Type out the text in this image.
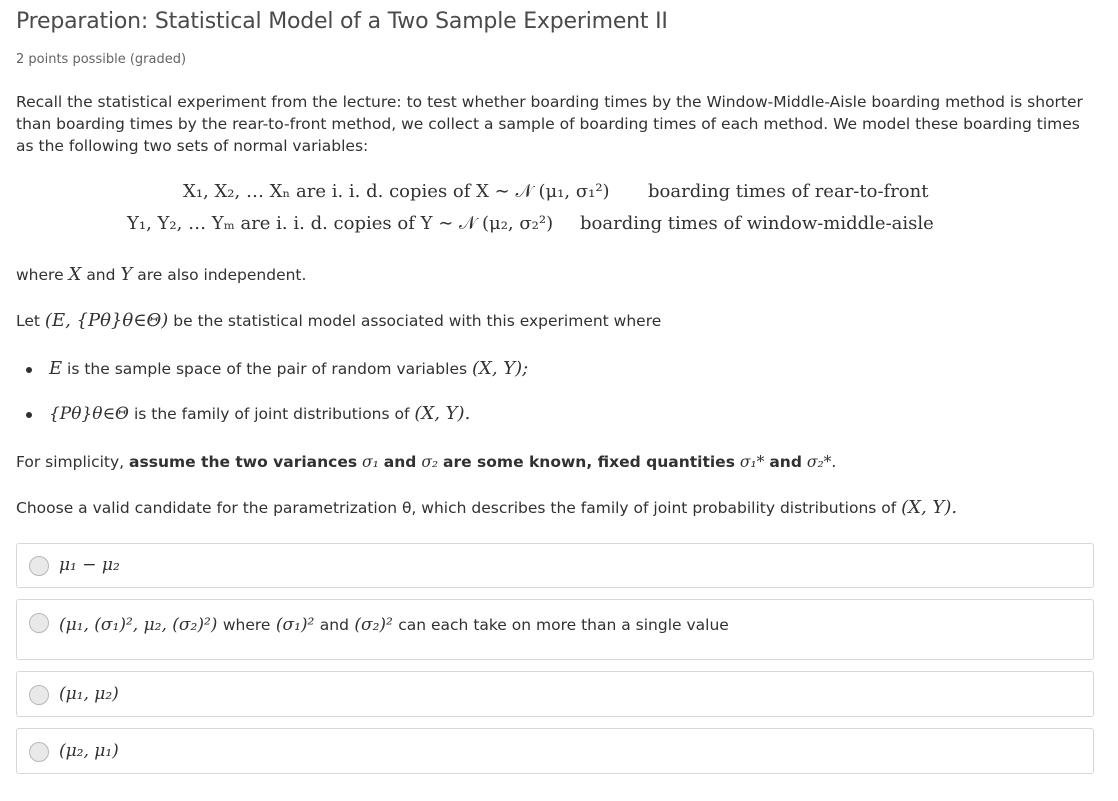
Preparation: Statistical Model of a Two Sample Experiment II
2 points possible (graded)
Recall the statistical experiment from the lecture: to test whether boarding times by the Window-Middle-Aisle boarding method is shorter than boarding times by the rear-to-front method, we collect a sample of boarding times of each method. We model these boarding times as the following two sets of normal variables:
X₁, X₂, … Xₙ are i. i. d. copies of X ∼ 𝒩 (μ₁, σ₁²) boarding times of rear-to-front
Y₁, Y₂, … Yₘ are i. i. d. copies of Y ∼ 𝒩 (μ₂, σ₂²) boarding times of window-middle-aisle
where X and Y are also independent.
Let (E, {Pθ}θ∈Θ) be the statistical model associated with this experiment where
E is the sample space of the pair of random variables (X, Y);
{Pθ}θ∈Θ is the family of joint distributions of (X, Y).
For simplicity, assume the two variances σ₁ and σ₂ are some known, fixed quantities σ₁* and σ₂*.
Choose a valid candidate for the parametrization θ, which describes the family of joint probability distributions of (X, Y).
μ₁ − μ₂
(μ₁, (σ₁)², μ₂, (σ₂)²) where (σ₁)² and (σ₂)² can each take on more than a single value
(μ₁, μ₂)
(μ₂, μ₁)
